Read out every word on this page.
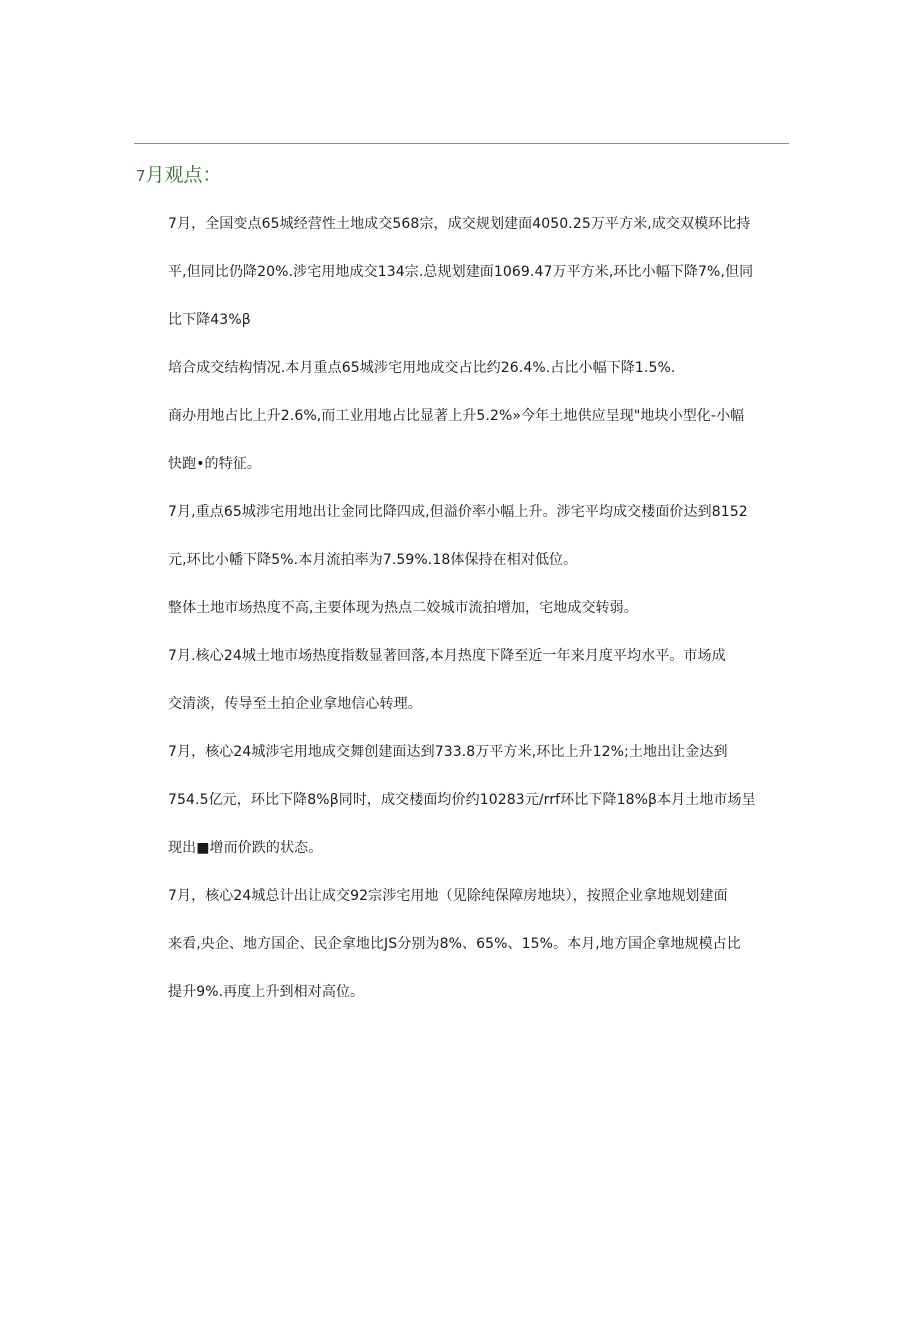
7月观点：
7月，全国变点65城经营性土地成交568宗，成交规划建面4050.25万平方米,成交双模环比持
平,但同比仍降20%.涉宅用地成交134宗.总规划建面1069.47万平方米,环比小幅下降7%,但同
比下降43%β
培合成交结构情况.本月重点65城涉宅用地成交占比约26.4%.占比小幅下降1.5%.
商办用地占比上升2.6%,而工业用地占比显著上升5.2%»今年土地供应呈现"地块小型化-小幅
快跑•的特征。
7月,重点65城涉宅用地出让金同比降四成,但溢价率小幅上升。涉宅平均成交楼面价达到8152
元,环比小幡下降5%.本月流拍率为7.59%.18体保持在相对低位。
整体土地市场热度不高,主要体现为热点二姣城市流拍增加，宅地成交转弱。
7月.核心24城土地市场热度指数显著回落,本月热度下降至近一年来月度平均水平。市场成
交清淡，传导至土拍企业拿地信心转理。
7月，核心24城涉宅用地成交舞创建面达到733.8万平方米,环比上升12%;土地出让金达到
754.5亿元，环比下降8%β同时，成交楼面均价约10283元/rrf环比下降18%β本月土地市场呈
现出■增而价跌的状态。
7月，核心24城总计出让成交92宗涉宅用地（见除纯保障房地块），按照企业拿地规划建面
来看,央企、地方国企、民企拿地比JS分别为8%、65%、15%。本月,地方国企拿地规模占比
提升9%.再度上升到相对高位。
